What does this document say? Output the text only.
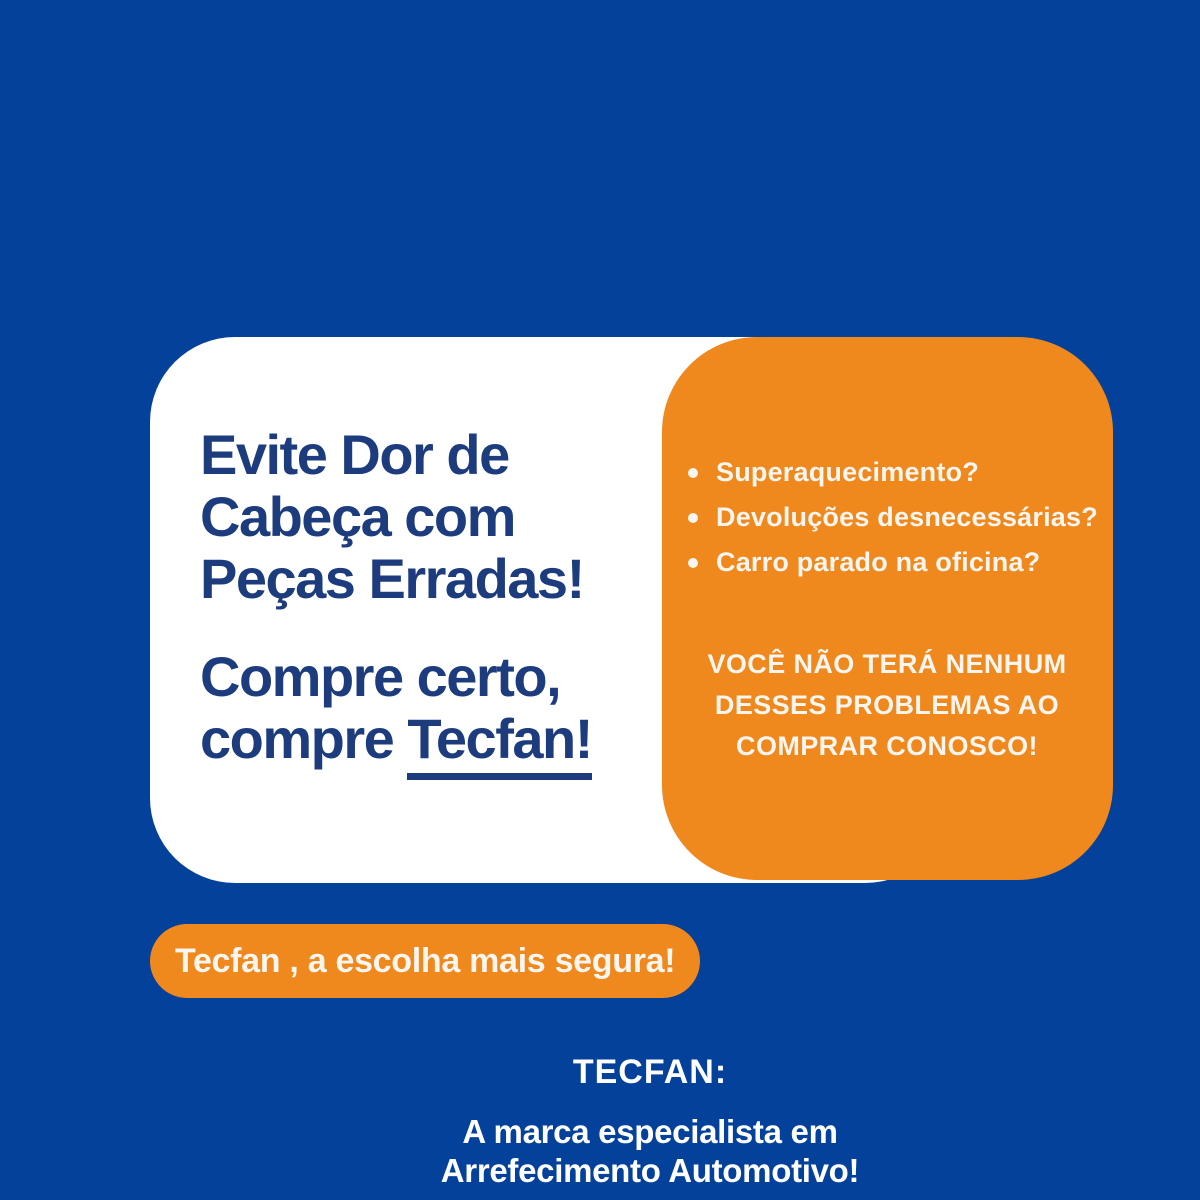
Evite Dor de
Cabeça com
Peças Erradas!
Compre certo,
compre Tecfan!
Superaquecimento?
Devoluções desnecessárias?
Carro parado na oficina?
VOCÊ NÃO TERÁ NENHUM
DESSES PROBLEMAS AO
COMPRAR CONOSCO!
Tecfan , a escolha mais segura!
TECFAN:
A marca especialista em
Arrefecimento Automotivo!
